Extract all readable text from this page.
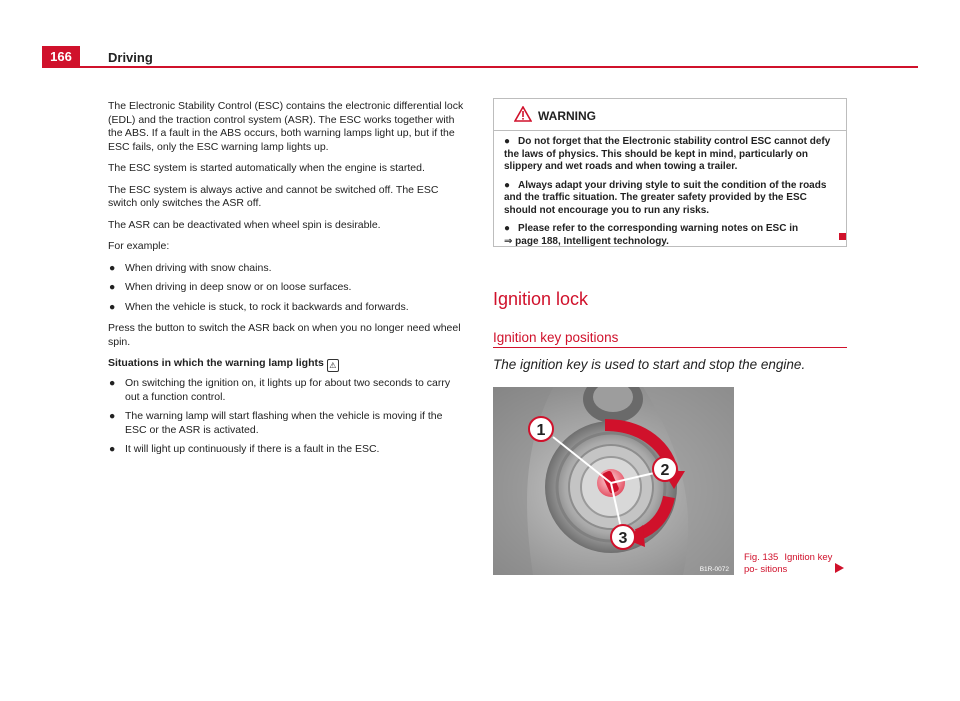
166	Driving

The Electronic Stability Control (ESC) contains the electronic differential lock (EDL) and the traction control system (ASR). The ESC works together with the ABS. If a fault in the ABS occurs, both warning lamps light up, but if the ESC fails, only the ESC warning lamp lights up.

The ESC system is started automatically when the engine is started.

The ESC system is always active and cannot be switched off. The ESC switch only switches the ASR off.

The ASR can be deactivated when wheel spin is desirable.

For example:

● When driving with snow chains.
● When driving in deep snow or on loose surfaces.
● When the vehicle is stuck, to rock it backwards and forwards.

Press the button to switch the ASR back on when you no longer need wheel spin.

Situations in which the warning lamp lights ⚠
● On switching the ignition on, it lights up for about two seconds to carry out a function control.
● The warning lamp will start flashing when the vehicle is moving if the ESC or the ASR is activated.
● It will light up continuously if there is a fault in the ESC.
WARNING
● Do not forget that the Electronic stability control ESC cannot defy the laws of physics. This should be kept in mind, particularly on slippery and wet roads and when towing a trailer.
● Always adapt your driving style to suit the condition of the roads and the traffic situation. The greater safety provided by the ESC should not encourage you to run any risks.
● Please refer to the corresponding warning notes on ESC in
⇒ page 188, Intelligent technology.
Ignition lock
Ignition key positions
The ignition key is used to start and stop the engine.
1
2
3
B1R-0072
Fig. 135 Ignition key po- sitions
